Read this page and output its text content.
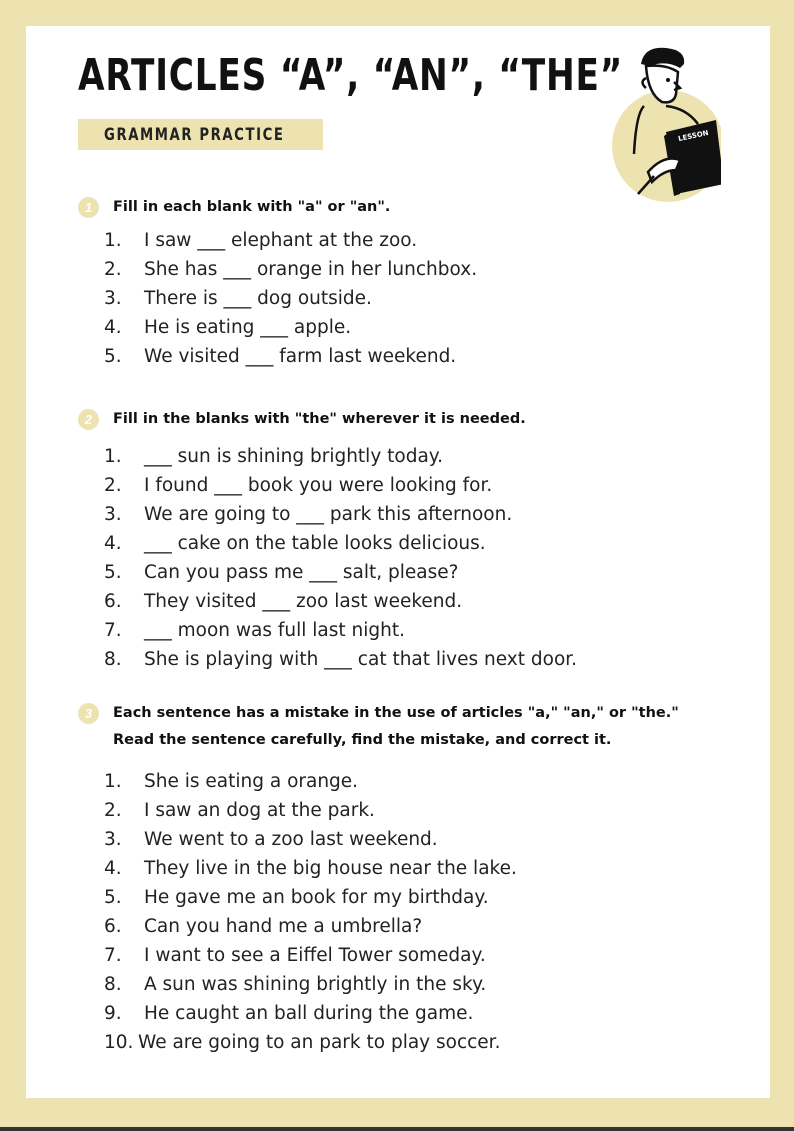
ARTICLES “A”, “AN”, “THE”
GRAMMAR PRACTICE	LESSON
1	Fill in each blank with "a" or "an".
1.	I saw ___ elephant at the zoo.
2.	She has ___ orange in her lunchbox.
3.	There is ___ dog outside.
4.	He is eating ___ apple.
5.	We visited ___ farm last weekend.
2	Fill in the blanks with "the" wherever it is needed.
1.	___ sun is shining brightly today.
2.	I found ___ book you were looking for.
3.	We are going to ___ park this afternoon.
4.	___ cake on the table looks delicious.
5.	Can you pass me ___ salt, please?
6.	They visited ___ zoo last weekend.
7.	___ moon was full last night.
8.	She is playing with ___ cat that lives next door.
3	Each sentence has a mistake in the use of articles "a," "an," or "the." Read the sentence carefully, find the mistake, and correct it.
1.	She is eating a orange.
2.	I saw an dog at the park.
3.	We went to a zoo last weekend.
4.	They live in the big house near the lake.
5.	He gave me an book for my birthday.
6.	Can you hand me a umbrella?
7.	I want to see a Eiffel Tower someday.
8.	A sun was shining brightly in the sky.
9.	He caught an ball during the game.
10. We are going to an park to play soccer.
